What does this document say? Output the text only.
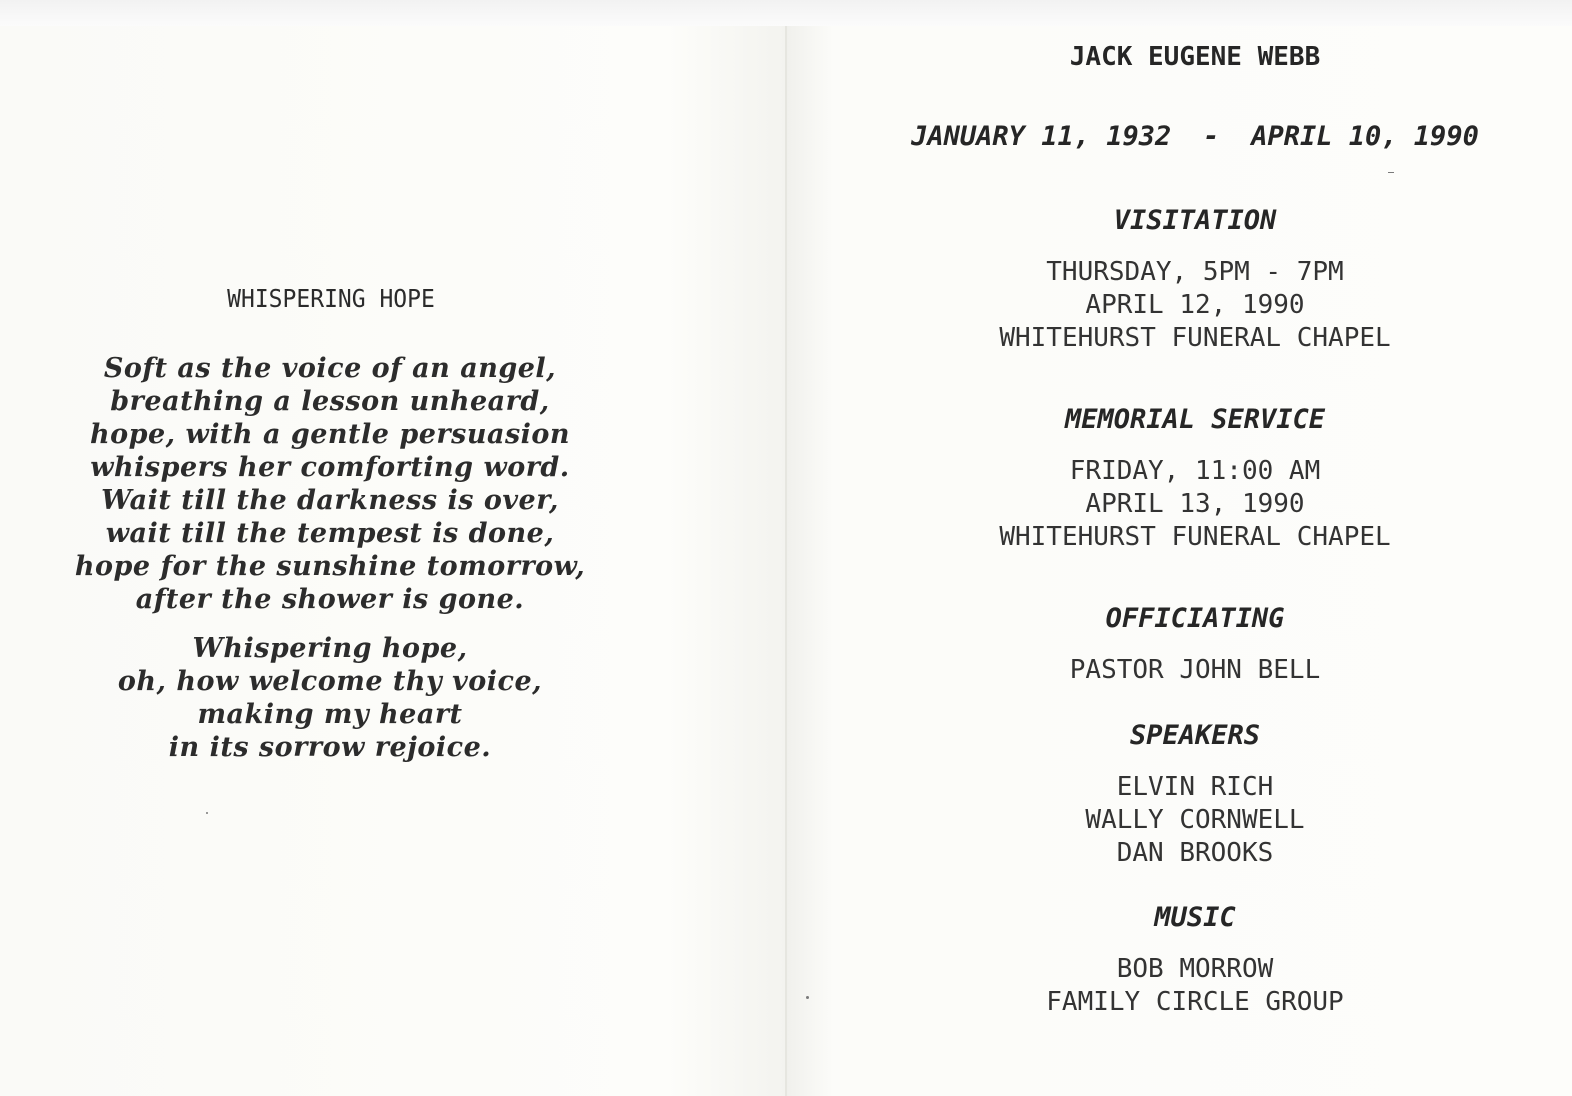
WHISPERING HOPE
Soft as the voice of an angel,
breathing a lesson unheard,
hope, with a gentle persuasion
whispers her comforting word.
Wait till the darkness is over,
wait till the tempest is done,
hope for the sunshine tomorrow,
after the shower is gone.
Whispering hope,
oh, how welcome thy voice,
making my heart
in its sorrow rejoice.
JACK EUGENE WEBB
JANUARY 11, 1932 - APRIL 10, 1990
VISITATION
THURSDAY, 5PM - 7PM
APRIL 12, 1990
WHITEHURST FUNERAL CHAPEL
MEMORIAL SERVICE
FRIDAY, 11:00 AM
APRIL 13, 1990
WHITEHURST FUNERAL CHAPEL
OFFICIATING
PASTOR JOHN BELL
SPEAKERS
ELVIN RICH
WALLY CORNWELL
DAN BROOKS
MUSIC
BOB MORROW
FAMILY CIRCLE GROUP
